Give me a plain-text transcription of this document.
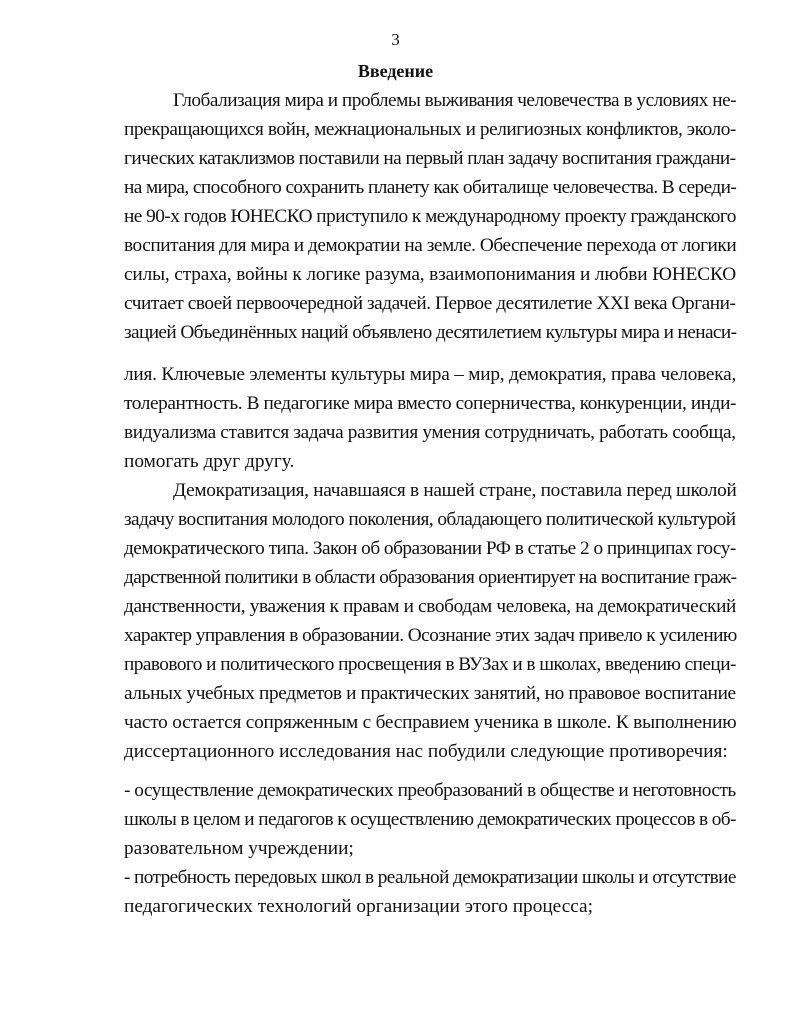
3
Введение
Глобализация мира и проблемы выживания человечества в условиях не-
прекращающихся войн, межнациональных и религиозных конфликтов, эколо-
гических катаклизмов поставили на первый план задачу воспитания граждани-
на мира, способного сохранить планету как обиталище человечества. В середи-
не 90-х годов ЮНЕСКО приступило к международному проекту гражданского
воспитания для мира и демократии на земле. Обеспечение перехода от логики
силы, страха, войны к логике разума, взаимопонимания и любви ЮНЕСКО
считает своей первоочередной задачей. Первое десятилетие XXI века Органи-
зацией Объединённых наций объявлено десятилетием культуры мира и ненаси-
лия. Ключевые элементы культуры мира – мир, демократия, права человека,
толерантность. В педагогике мира вместо соперничества, конкуренции, инди-
видуализма ставится задача развития умения сотрудничать, работать сообща,
помогать друг другу.
Демократизация, начавшаяся в нашей стране, поставила перед школой
задачу воспитания молодого поколения, обладающего политической культурой
демократического типа. Закон об образовании РФ в статье 2 о принципах госу-
дарственной политики в области образования ориентирует на воспитание граж-
данственности, уважения к правам и свободам человека, на демократический
характер управления в образовании. Осознание этих задач привело к усилению
правового и политического просвещения в ВУЗах и в школах, введению специ-
альных учебных предметов и практических занятий, но правовое воспитание
часто остается сопряженным с бесправием ученика в школе. К выполнению
диссертационного исследования нас побудили следующие противоречия:
- осуществление демократических преобразований в обществе и неготовность
школы в целом и педагогов к осуществлению демократических процессов в об-
разовательном учреждении;
- потребность передовых школ в реальной демократизации школы и отсутствие
педагогических технологий организации этого процесса;
